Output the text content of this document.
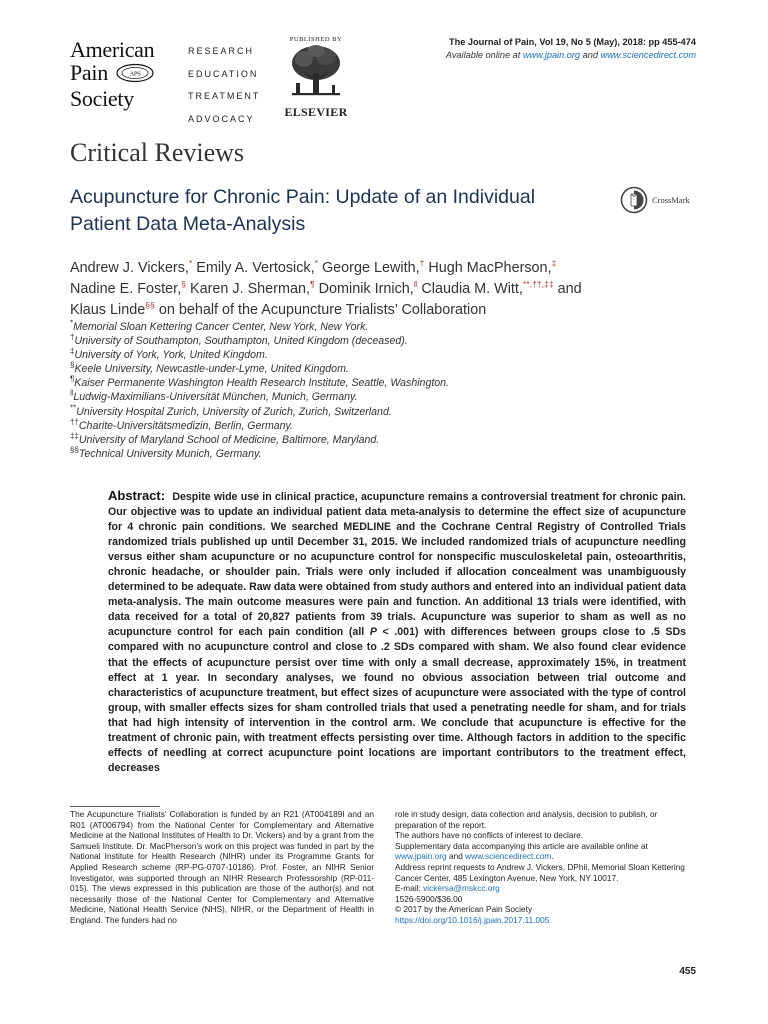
American
Pain	APS
Society
RESEARCH
EDUCATION
TREATMENT
ADVOCACY
PUBLISHED BY
ELSEVIER
The Journal of Pain, Vol 19, No 5 (May), 2018: pp 455-474
Available online at www.jpain.org and www.sciencedirect.com
Critical Reviews
Acupuncture for Chronic Pain: Update of an Individual
Patient Data Meta-Analysis
CrossMark
Andrew J. Vickers,* Emily A. Vertosick,* George Lewith,† Hugh MacPherson,‡
Nadine E. Foster,§ Karen J. Sherman,¶ Dominik Irnich,‖ Claudia M. Witt,**,††,‡‡ and
Klaus Linde§§ on behalf of the Acupuncture Trialists’ Collaboration
*Memorial Sloan Kettering Cancer Center, New York, New York.
†University of Southampton, Southampton, United Kingdom (deceased).
‡University of York, York, United Kingdom.
§Keele University, Newcastle-under-Lyme, United Kingdom.
¶Kaiser Permanente Washington Health Research Institute, Seattle, Washington.
‖Ludwig-Maximilians-Universität München, Munich, Germany.
**University Hospital Zurich, University of Zurich, Zurich, Switzerland.
††Charite-Universitätsmedizin, Berlin, Germany.
‡‡University of Maryland School of Medicine, Baltimore, Maryland.
§§Technical University Munich, Germany.
Abstract: Despite wide use in clinical practice, acupuncture remains a controversial treatment for chronic pain. Our objective was to update an individual patient data meta-analysis to determine the effect size of acupuncture for 4 chronic pain conditions. We searched MEDLINE and the Cochrane Central Registry of Controlled Trials randomized trials published up until December 31, 2015. We included randomized trials of acupuncture needling versus either sham acupuncture or no acupuncture control for nonspecific musculoskeletal pain, osteoarthritis, chronic headache, or shoulder pain. Trials were only included if allocation concealment was unambiguously determined to be adequate. Raw data were obtained from study authors and entered into an individual patient data meta-analysis. The main outcome measures were pain and function. An additional 13 trials were identified, with data received for a total of 20,827 patients from 39 trials. Acupuncture was superior to sham as well as no acupuncture control for each pain condition (all P < .001) with differences between groups close to .5 SDs compared with no acupuncture control and close to .2 SDs compared with sham. We also found clear evidence that the effects of acupuncture persist over time with only a small decrease, approximately 15%, in treatment effect at 1 year. In secondary analyses, we found no obvious association between trial outcome and characteristics of acupuncture treatment, but effect sizes of acupuncture were associated with the type of control group, with smaller effects sizes for sham controlled trials that used a penetrating needle for sham, and for trials that had high intensity of intervention in the control arm. We conclude that acupuncture is effective for the treatment of chronic pain, with treatment effects persisting over time. Although factors in addition to the specific effects of needling at correct acupuncture point locations are important contributors to the treatment effect, decreases
The Acupuncture Trialists’ Collaboration is funded by an R21 (AT004189I and an R01 (AT006794) from the National Center for Complementary and Alternative Medicine at the National Institutes of Health to Dr. Vickers) and by a grant from the Samueli Institute. Dr. MacPherson’s work on this project was funded in part by the National Institute for Health Research (NIHR) under its Programme Grants for Applied Research scheme (RP-PG-0707-10186). Prof. Foster, an NIHR Senior Investigator, was supported through an NIHR Research Professorship (RP-011-015). The views expressed in this publication are those of the author(s) and not necessarily those of the National Center for Complementary and Alternative Medicine, National Health Service (NHS), NIHR, or the Department of Health in England. The funders had no

role in study design, data collection and analysis, decision to publish, or preparation of the report.

The authors have no conflicts of interest to declare.

Supplementary data accompanying this article are available online at www.jpain.org and www.sciencedirect.com.

Address reprint requests to Andrew J. Vickers, DPhil, Memorial Sloan Kettering Cancer Center, 485 Lexington Avenue, New York, NY 10017.

E-mail: vickersa@mskcc.org

1526-5900/$36.00

© 2017 by the American Pain Society

https://doi.org/10.1016/j.jpain.2017.11.005

455
